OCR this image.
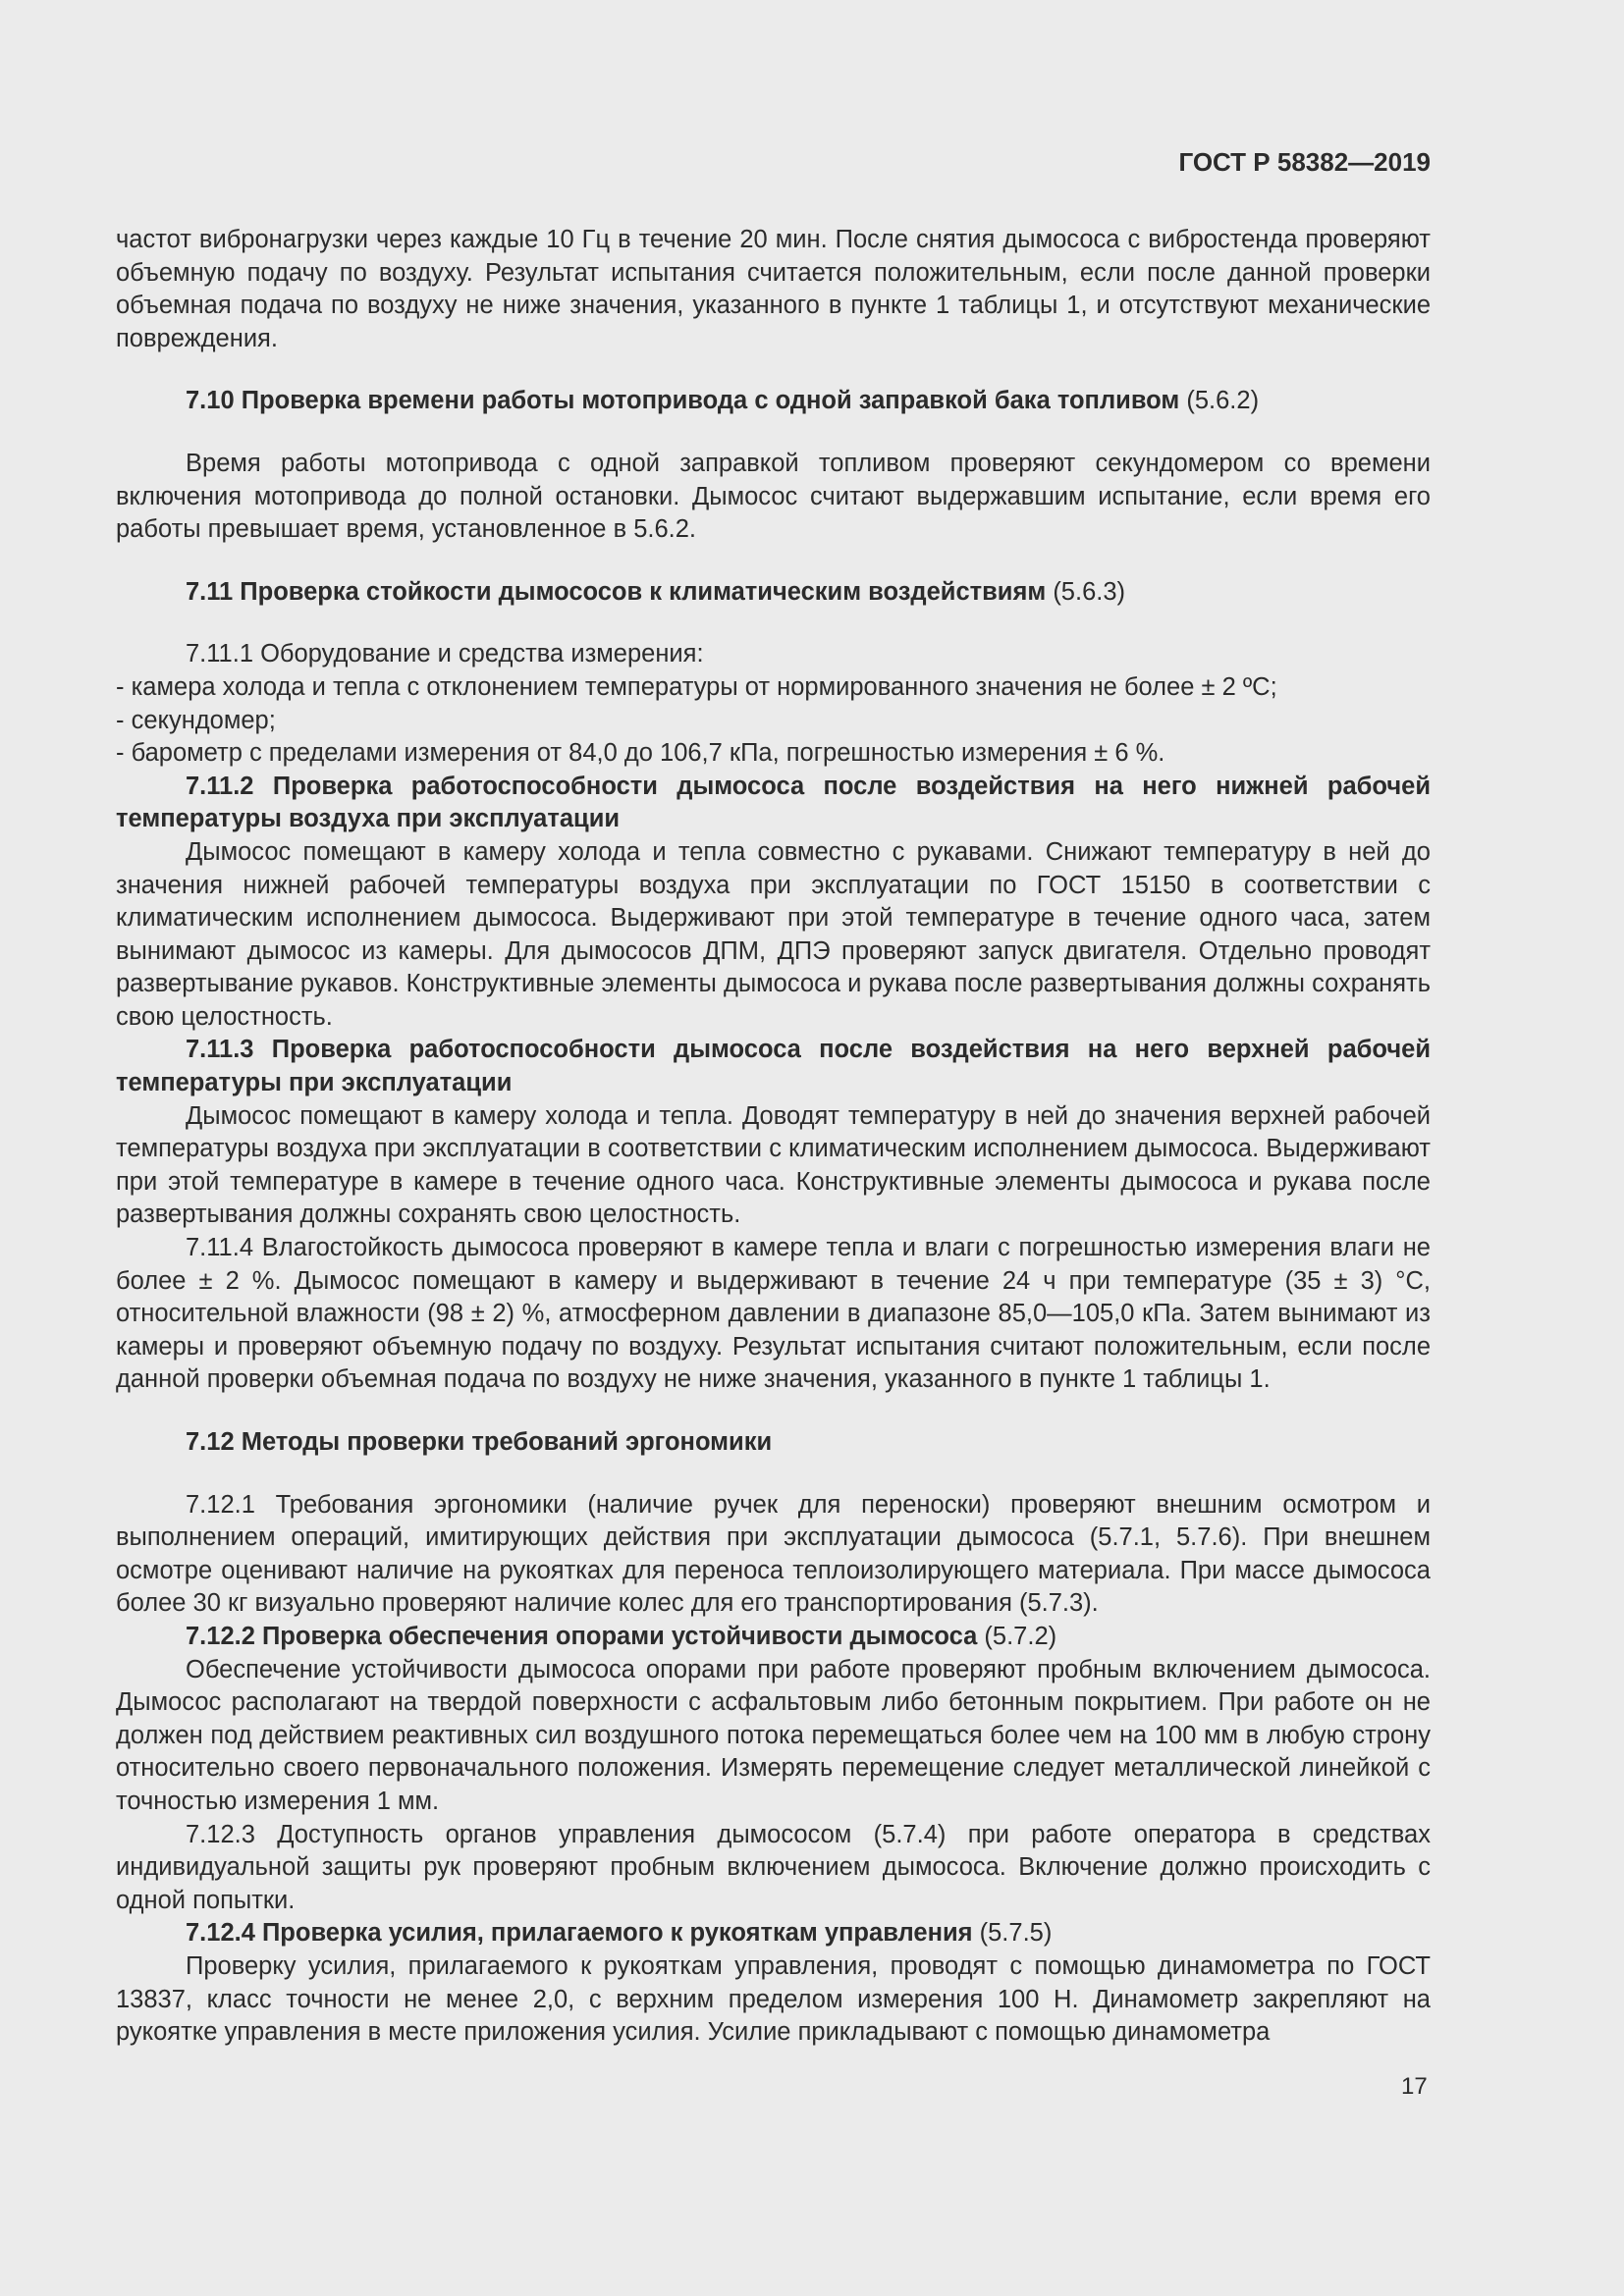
ГОСТ Р 58382—2019

частот вибронагрузки через каждые 10 Гц в течение 20 мин. После снятия дымососа с вибростенда проверяют объемную подачу по воздуху. Результат испытания считается положительным, если после данной проверки объемная подача по воздуху не ниже значения, указанного в пункте 1 таблицы 1, и отсутствуют механические повреждения.

7.10 Проверка времени работы мотопривода с одной заправкой бака топливом (5.6.2)

Время работы мотопривода с одной заправкой топливом проверяют секундомером со времени включения мотопривода до полной остановки. Дымосос считают выдержавшим испытание, если время его работы превышает время, установленное в 5.6.2.

7.11 Проверка стойкости дымососов к климатическим воздействиям (5.6.3)

7.11.1 Оборудование и средства измерения:

- камера холода и тепла с отклонением температуры от нормированного значения не более ± 2 ºС;

- секундомер;

- барометр с пределами измерения от 84,0 до 106,7 кПа, погрешностью измерения ± 6 %.

7.11.2 Проверка работоспособности дымососа после воздействия на него нижней рабочей температуры воздуха при эксплуатации

Дымосос помещают в камеру холода и тепла совместно с рукавами. Снижают температуру в ней до значения нижней рабочей температуры воздуха при эксплуатации по ГОСТ 15150 в соответствии с климатическим исполнением дымососа. Выдерживают при этой температуре в течение одного часа, затем вынимают дымосос из камеры. Для дымососов ДПМ, ДПЭ проверяют запуск двигателя. Отдельно проводят развертывание рукавов. Конструктивные элементы дымососа и рукава после развертывания должны сохранять свою целостность.

7.11.3 Проверка работоспособности дымососа после воздействия на него верхней рабочей температуры при эксплуатации

Дымосос помещают в камеру холода и тепла. Доводят температуру в ней до значения верхней рабочей температуры воздуха при эксплуатации в соответствии с климатическим исполнением дымососа. Выдерживают при этой температуре в камере в течение одного часа. Конструктивные элементы дымососа и рукава после развертывания должны сохранять свою целостность.

7.11.4 Влагостойкость дымососа проверяют в камере тепла и влаги с погрешностью измерения влаги не более ± 2 %. Дымосос помещают в камеру и выдерживают в течение 24 ч при температуре (35 ± 3) °С, относительной влажности (98 ± 2) %, атмосферном давлении в диапазоне 85,0—105,0 кПа. Затем вынимают из камеры и проверяют объемную подачу по воздуху. Результат испытания считают положительным, если после данной проверки объемная подача по воздуху не ниже значения, указанного в пункте 1 таблицы 1.

7.12 Методы проверки требований эргономики

7.12.1 Требования эргономики (наличие ручек для переноски) проверяют внешним осмотром и выполнением операций, имитирующих действия при эксплуатации дымососа (5.7.1, 5.7.6). При внешнем осмотре оценивают наличие на рукоятках для переноса теплоизолирующего материала. При массе дымососа более 30 кг визуально проверяют наличие колес для его транспортирования (5.7.3).

7.12.2 Проверка обеспечения опорами устойчивости дымососа (5.7.2)

Обеспечение устойчивости дымососа опорами при работе проверяют пробным включением дымососа. Дымосос располагают на твердой поверхности с асфальтовым либо бетонным покрытием. При работе он не должен под действием реактивных сил воздушного потока перемещаться более чем на 100 мм в любую строну относительно своего первоначального положения. Измерять перемещение следует металлической линейкой с точностью измерения 1 мм.

7.12.3 Доступность органов управления дымососом (5.7.4) при работе оператора в средствах индивидуальной защиты рук проверяют пробным включением дымососа. Включение должно происходить с одной попытки.

7.12.4 Проверка усилия, прилагаемого к рукояткам управления (5.7.5)

Проверку усилия, прилагаемого к рукояткам управления, проводят с помощью динамометра по ГОСТ 13837, класс точности не менее 2,0, с верхним пределом измерения 100 Н. Динамометр закрепляют на рукоятке управления в месте приложения усилия. Усилие прикладывают с помощью динамометра

17
